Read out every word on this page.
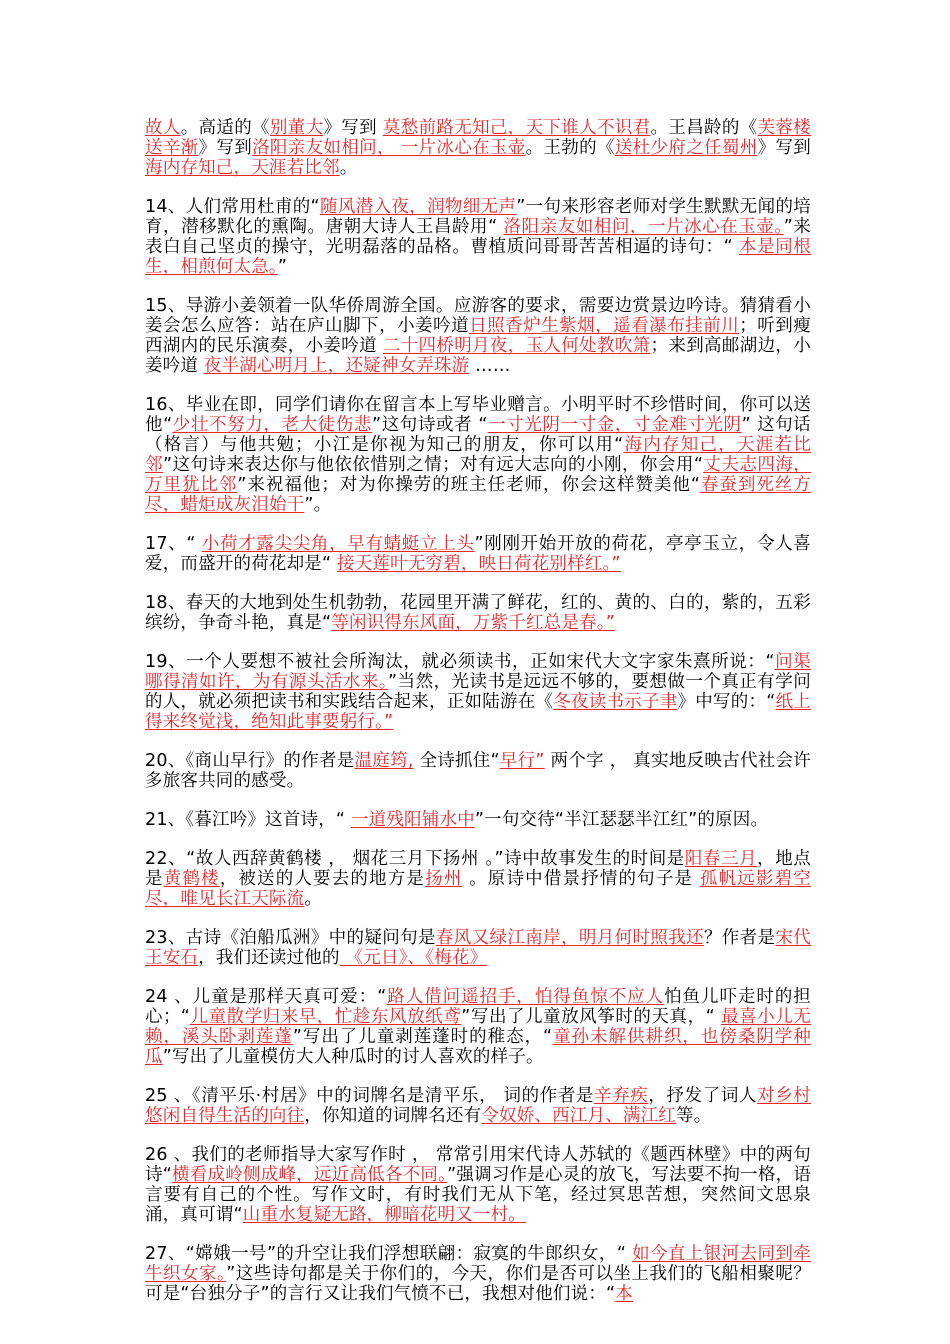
故人。高适的《别董大》写到 莫愁前路无知己，天下谁人不识君。王昌龄的《芙蓉楼送辛渐》写到洛阳亲友如相问， 一片冰心在玉壶。王勃的《送杜少府之任蜀州》写到海内存知己，天涯若比邻。

14、人们常用杜甫的“随风潜入夜，润物细无声”一句来形容老师对学生默默无闻的培育，潜移默化的熏陶。唐朝大诗人王昌龄用“ 洛阳亲友如相问，一片冰心在玉壶。”来表白自己坚贞的操守，光明磊落的品格。曹植质问哥哥苦苦相逼的诗句：“ 本是同根生，相煎何太急。”

15、导游小姜领着一队华侨周游全国。应游客的要求，需要边赏景边吟诗。猜猜看小姜会怎么应答：站在庐山脚下，小姜吟道日照香炉生紫烟，遥看瀑布挂前川；听到瘦西湖内的民乐演奏，小姜吟道 二十四桥明月夜，玉人何处教吹箫；来到高邮湖边，小姜吟道 夜半湖心明月上，还疑神女弄珠游 ……

16、毕业在即，同学们请你在留言本上写毕业赠言。小明平时不珍惜时间，你可以送他“少壮不努力，老大徒伤悲”这句诗或者 “一寸光阴一寸金，寸金难寸光阴” 这句话（格言）与他共勉；小江是你视为知己的朋友，你可以用“海内存知己，天涯若比邻”这句诗来表达你与他依依惜别之情；对有远大志向的小刚，你会用“丈夫志四海，万里犹比邻”来祝福他；对为你操劳的班主任老师，你会这样赞美他“春蚕到死丝方尽，蜡炬成灰泪始干”。

17、“ 小荷才露尖尖角，早有蜻蜓立上头”刚刚开始开放的荷花，亭亭玉立，令人喜爱，而盛开的荷花却是“ 接天莲叶无穷碧，映日荷花别样红。”

18、春天的大地到处生机勃勃，花园里开满了鲜花，红的、黄的、白的，紫的，五彩缤纷，争奇斗艳，真是“等闲识得东风面，万紫千红总是春。”

19、一个人要想不被社会所淘汰，就必须读书，正如宋代大文字家朱熹所说：“问渠哪得清如许，为有源头活水来。”当然，光读书是远远不够的，要想做一个真正有学问的人，就必须把读书和实践结合起来，正如陆游在《冬夜读书示子聿》中写的：“纸上得来终觉浅，绝知此事要躬行。”

20、《商山早行》的作者是温庭筠, 全诗抓住“早行” 两个字 ， 真实地反映古代社会许多旅客共同的感受。

21、《暮江吟》这首诗，“ 一道残阳铺水中”一句交待“半江瑟瑟半江红”的原因。

22、“故人西辞黄鹤楼 ， 烟花三月下扬州 。”诗中故事发生的时间是阳春三月，地点是黄鹤楼，被送的人要去的地方是扬州 。原诗中借景抒情的句子是 孤帆远影碧空尽，唯见长江天际流。

23、古诗《泊船瓜洲》中的疑问句是春风又绿江南岸，明月何时照我还？作者是宋代 王安石，我们还读过他的 《元日》、《梅花》

24 、儿童是那样天真可爱：“路人借问遥招手，怕得鱼惊不应人怕鱼儿吓走时的担心；“儿童散学归来早，忙趁东风放纸鸢”写出了儿童放风筝时的天真，“ 最喜小儿无赖，溪头卧剥莲蓬”写出了儿童剥莲蓬时的稚态，“童孙未解供耕织，也傍桑阴学种瓜”写出了儿童模仿大人种瓜时的讨人喜欢的样子。

25 、《清平乐·村居》中的词牌名是清平乐， 词的作者是辛弃疾，抒发了词人对乡村悠闲自得生活的向往，你知道的词牌名还有令奴娇、西江月、满江红等。

26 、我们的老师指导大家写作时 ， 常常引用宋代诗人苏轼的《题西林壁》中的两句诗“横看成岭侧成峰，远近高低各不同。”强调习作是心灵的放飞，写法要不拘一格，语言要有自己的个性。写作文时，有时我们无从下笔，经过冥思苦想，突然间文思泉涌，真可谓“山重水复疑无路，柳暗花明又一村。

27、“嫦娥一号”的升空让我们浮想联翩：寂寞的牛郎织女，“ 如今直上银河去同到牵牛织女家。”这些诗句都是关于你们的，今天，你们是否可以坐上我们的飞船相聚呢？可是“台独分子”的言行又让我们气愤不已，我想对他们说：“本
